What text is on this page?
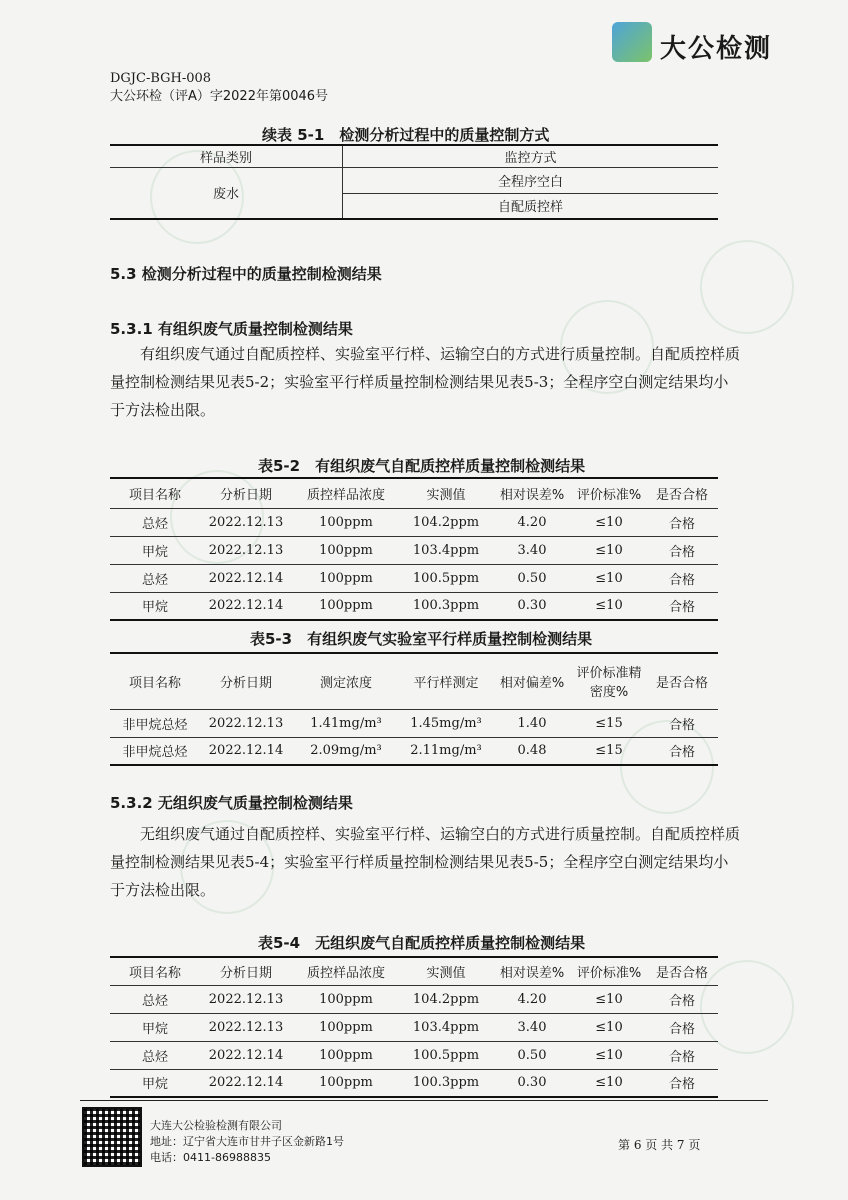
大公检测
DGJC-BGH-008
大公环检（评A）字2022年第0046号
续表 5-1　检测分析过程中的质量控制方式
样品类别	监控方式
废水	全程序空白
	自配质控样
5.3 检测分析过程中的质量控制检测结果
5.3.1 有组织废气质量控制检测结果
有组织废气通过自配质控样、实验室平行样、运输空白的方式进行质量控制。自配质控样质量控制检测结果见表5-2；实验室平行样质量控制检测结果见表5-3；全程序空白测定结果均小于方法检出限。
表5-2　有组织废气自配质控样质量控制检测结果
项目名称	分析日期	质控样品浓度	实测值	相对误差%	评价标准%	是否合格
总烃	2022.12.13	100ppm	104.2ppm	4.20	≤10	合格
甲烷	2022.12.13	100ppm	103.4ppm	3.40	≤10	合格
总烃	2022.12.14	100ppm	100.5ppm	0.50	≤10	合格
甲烷	2022.12.14	100ppm	100.3ppm	0.30	≤10	合格
表5-3　有组织废气实验室平行样质量控制检测结果
项目名称	分析日期	测定浓度	平行样测定	相对偏差%	评价标准精密度%	是否合格
非甲烷总烃	2022.12.13	1.41mg/m³	1.45mg/m³	1.40	≤15	合格
非甲烷总烃	2022.12.14	2.09mg/m³	2.11mg/m³	0.48	≤15	合格
5.3.2 无组织废气质量控制检测结果
无组织废气通过自配质控样、实验室平行样、运输空白的方式进行质量控制。自配质控样质量控制检测结果见表5-4；实验室平行样质量控制检测结果见表5-5；全程序空白测定结果均小于方法检出限。
表5-4　无组织废气自配质控样质量控制检测结果
项目名称	分析日期	质控样品浓度	实测值	相对误差%	评价标准%	是否合格
总烃	2022.12.13	100ppm	104.2ppm	4.20	≤10	合格
甲烷	2022.12.13	100ppm	103.4ppm	3.40	≤10	合格
总烃	2022.12.14	100ppm	100.5ppm	0.50	≤10	合格
甲烷	2022.12.14	100ppm	100.3ppm	0.30	≤10	合格
大连大公检验检测有限公司
地址：辽宁省大连市甘井子区金新路1号
电话：0411-86988835
第 6 页 共 7 页
